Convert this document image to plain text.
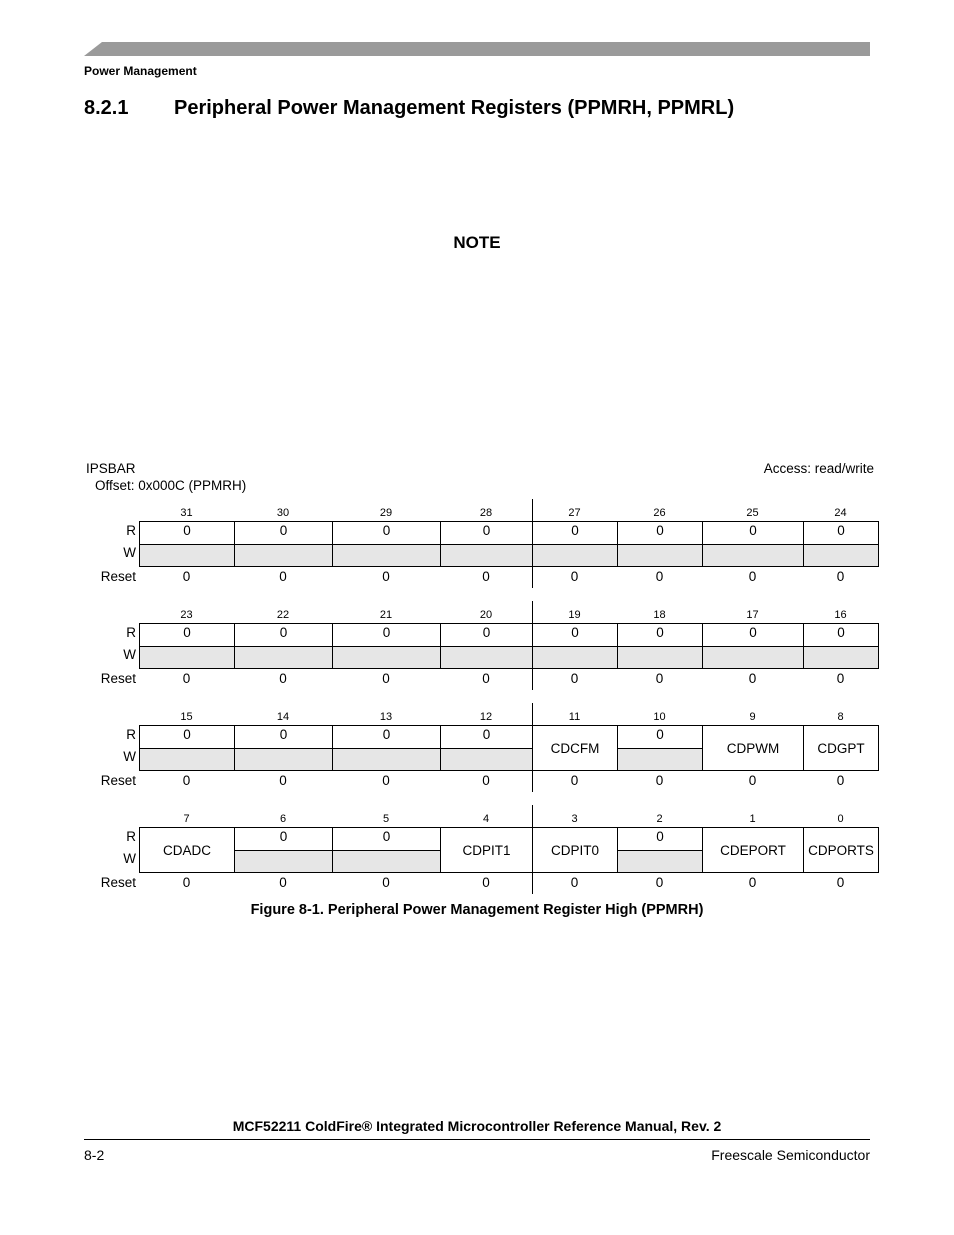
Power Management
8.2.1 Peripheral Power Management Registers (PPMRH, PPMRL)
NOTE
IPSBAR
Offset: 0x000C (PPMRH)
Access: read/write
R
W
Reset
31
0
0
30
0
0
29
0
0
28
0
0
27
0
0
26
0
0
25
0
0
24
0
0
R
W
Reset
23
0
0
22
0
0
21
0
0
20
0
0
19
0
0
18
0
0
17
0
0
16
0
0
R
W
Reset
15
0
0
14
0
0
13
0
0
12
0
0
11
CDCFM
0
10
0
0
9
CDPWM
0
8
CDGPT
0
R
W
Reset
7
CDADC
0
6
0
0
5
0
0
4
CDPIT1
0
3
CDPIT0
0
2
0
0
1
CDEPORT
0
0
CDPORTS
0
Figure 8-1. Peripheral Power Management Register High (PPMRH)
MCF52211 ColdFire® Integrated Microcontroller Reference Manual, Rev. 2
8-2	Freescale Semiconductor
